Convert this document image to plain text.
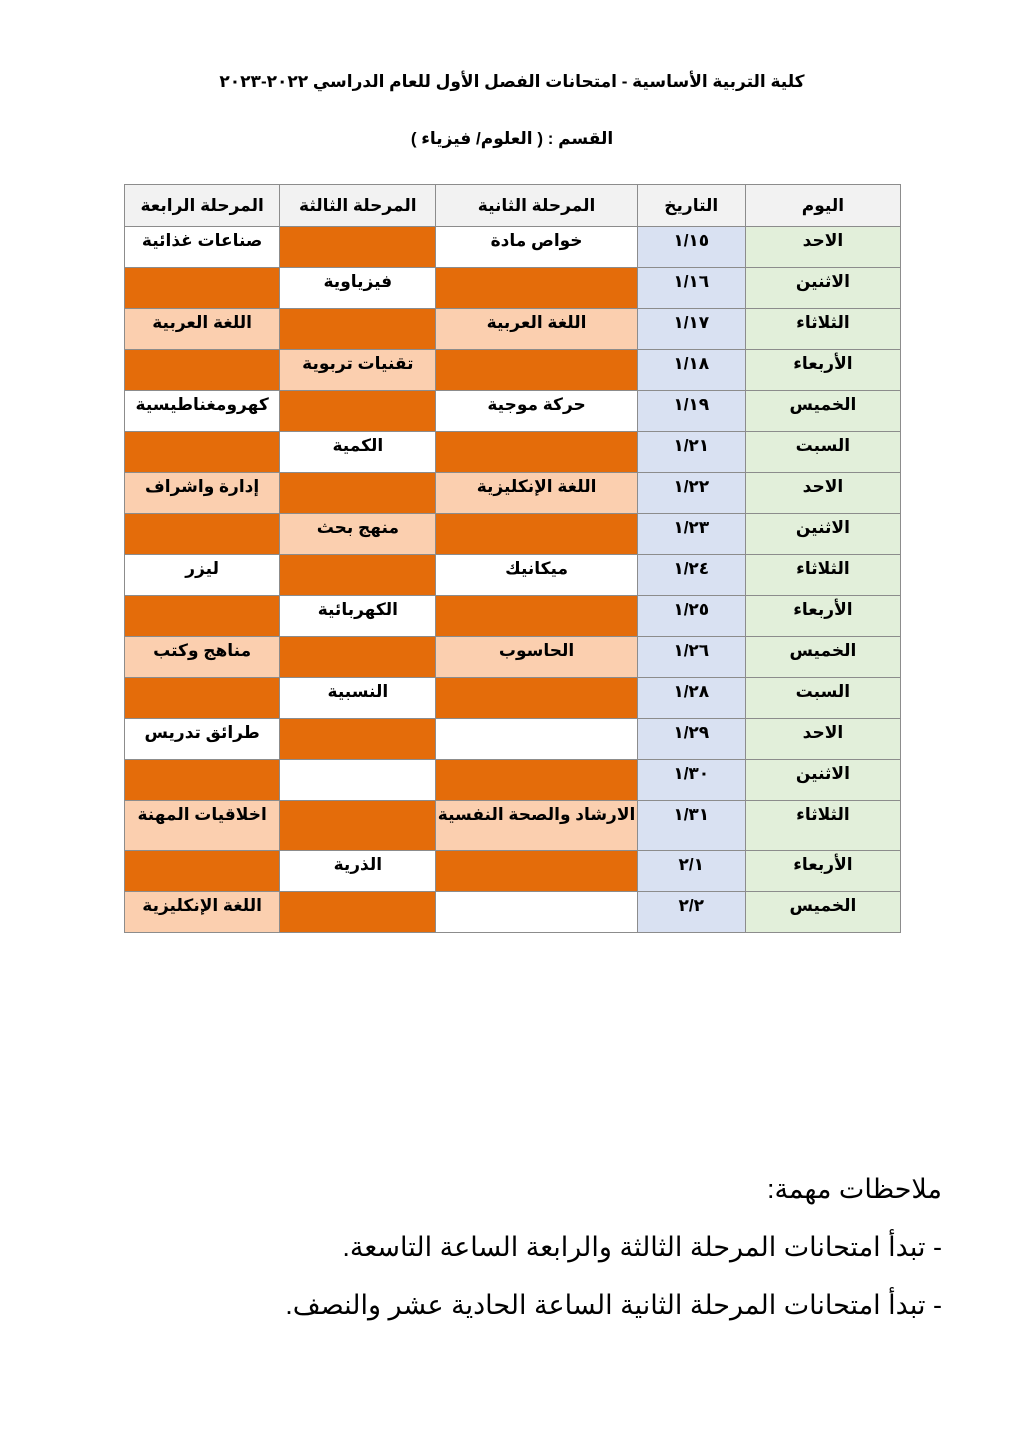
كلية التربية الأساسية - امتحانات الفصل الأول للعام الدراسي ٢٠٢٢-٢٠٢٣
القسم : ( العلوم/ فيزياء )
اليوم	التاريخ	المرحلة الثانية	المرحلة الثالثة	المرحلة الرابعة
الاحد	١/١٥	خواص مادة		صناعات غذائية
الاثنين	١/١٦		فيزياوية	
الثلاثاء	١/١٧	اللغة العربية		اللغة العربية
الأربعاء	١/١٨		تقنيات تربوية	
الخميس	١/١٩	حركة موجية		كهرومغناطيسية
السبت	١/٢١		الكمية	
الاحد	١/٢٢	اللغة الإنكليزية		إدارة واشراف
الاثنين	١/٢٣		منهج بحث	
الثلاثاء	١/٢٤	ميكانيك		ليزر
الأربعاء	١/٢٥		الكهربائية	
الخميس	١/٢٦	الحاسوب		مناهج وكتب
السبت	١/٢٨		النسبية	
الاحد	١/٢٩			طرائق تدريس
الاثنين	١/٣٠			
الثلاثاء	١/٣١	الارشاد والصحة النفسية		اخلاقيات المهنة
الأربعاء	٢/١		الذرية	
الخميس	٢/٢			اللغة الإنكليزية
ملاحظات مهمة:
- تبدأ امتحانات المرحلة الثالثة والرابعة الساعة التاسعة.
- تبدأ امتحانات المرحلة الثانية الساعة الحادية عشر والنصف.
